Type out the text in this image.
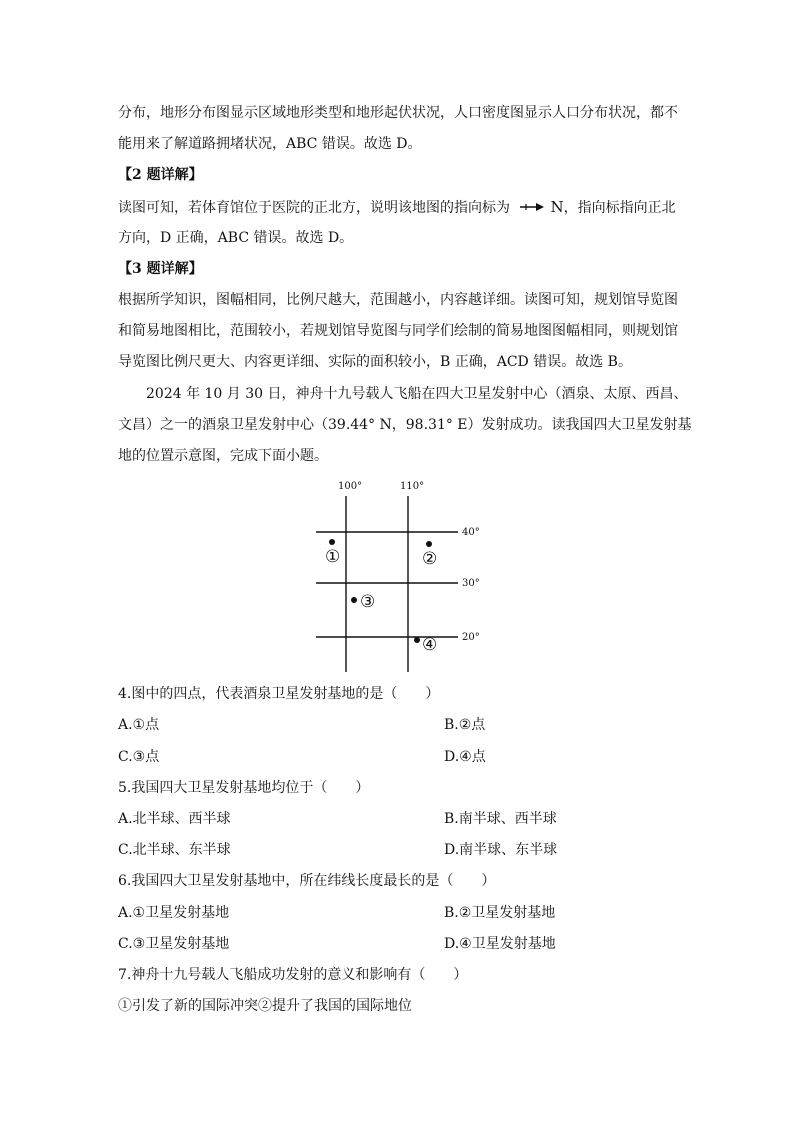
分布，地形分布图显示区域地形类型和地形起伏状况，人口密度图显示人口分布状况，都不
能用来了解道路拥堵状况，ABC 错误。故选 D。
【2 题详解】
读图可知，若体育馆位于医院的正北方，说明该地图的指向标为	N，指向标指向正北
方向，D 正确，ABC 错误。故选 D。
【3 题详解】
根据所学知识，图幅相同，比例尺越大，范围越小，内容越详细。读图可知，规划馆导览图
和简易地图相比，范围较小，若规划馆导览图与同学们绘制的简易地图图幅相同，则规划馆
导览图比例尺更大、内容更详细、实际的面积较小，B 正确，ACD 错误。故选 B。
2024 年 10 月 30 日，神舟十九号载人飞船在四大卫星发射中心（酒泉、太原、西昌、
文昌）之一的酒泉卫星发射中心（39.44° N，98.31° E）发射成功。读我国四大卫星发射基
地的位置示意图，完成下面小题。
100°	110°
40°
30°
20°
①	②
③
④
4.图中的四点，代表酒泉卫星发射基地的是（　　）
A.①点	B.②点
C.③点	D.④点
5.我国四大卫星发射基地均位于（　　）
A.北半球、西半球	B.南半球、西半球
C.北半球、东半球	D.南半球、东半球
6.我国四大卫星发射基地中，所在纬线长度最长的是（　　）
A.①卫星发射基地	B.②卫星发射基地
C.③卫星发射基地	D.④卫星发射基地
7.神舟十九号载人飞船成功发射的意义和影响有（　　）
①引发了新的国际冲突②提升了我国的国际地位
